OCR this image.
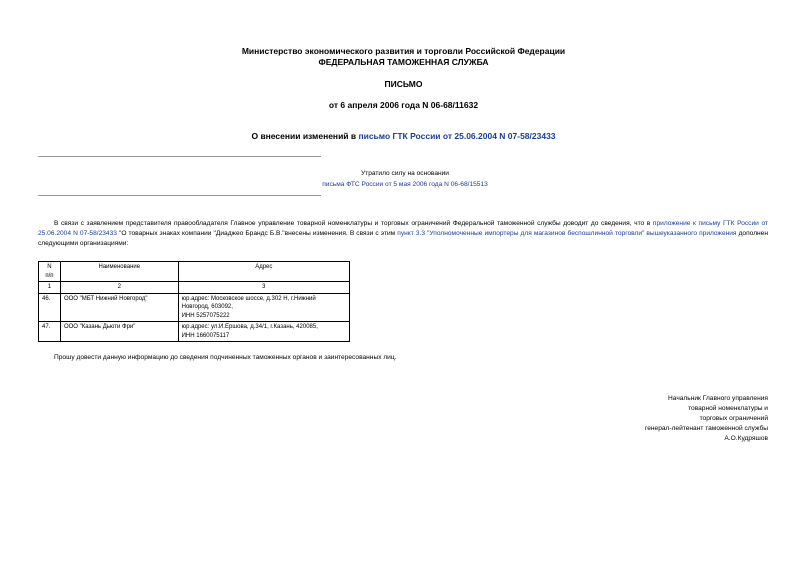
Министерство экономического развития и торговли Российской Федерации
ФЕДЕРАЛЬНАЯ ТАМОЖЕННАЯ СЛУЖБА
ПИСЬМО
от 6 апреля 2006 года N 06-68/11632
О внесении изменений в письмо ГТК России от 25.06.2004 N 07-58/23433
Утратило силу на основании
письма ФТС России от 5 мая 2006 года N 06-68/15513
В связи с заявлением представителя правообладателя Главное управление товарной номенклатуры и торговых ограничений Федеральной таможенной службы доводит до сведения, что в приложение к письму ГТК России от 25.06.2004 N 07-58/23433 "О товарных знаках компании "Диаджео Брандс Б.В."внесены изменения. В связи с этим пункт 3.3 "Уполномоченные импортеры для магазинов беспошлинной торговли" вышеуказанного приложения дополнен следующими организациями:
N
п/п	Наименование	Адрес
1	2	3
46.	ООО "МБТ Нижний Новгород"	юр.адрес: Московское шоссе, д.302 Н, г.Нижний
Новгород, 603092,
ИНН 5257075222

47.	ООО "Казань Дьюти Фри"	юр.адрес: ул.И.Ершова, д.34/1, г.Казань, 420085,
ИНН 1660075117
Прошу довести данную информацию до сведения подчиненных таможенных органов и заинтересованных лиц.
Начальник Главного управления
товарной номенклатуры и
торговых ограничений
генерал-лейтенант таможенной службы
А.О.Кудряшов
